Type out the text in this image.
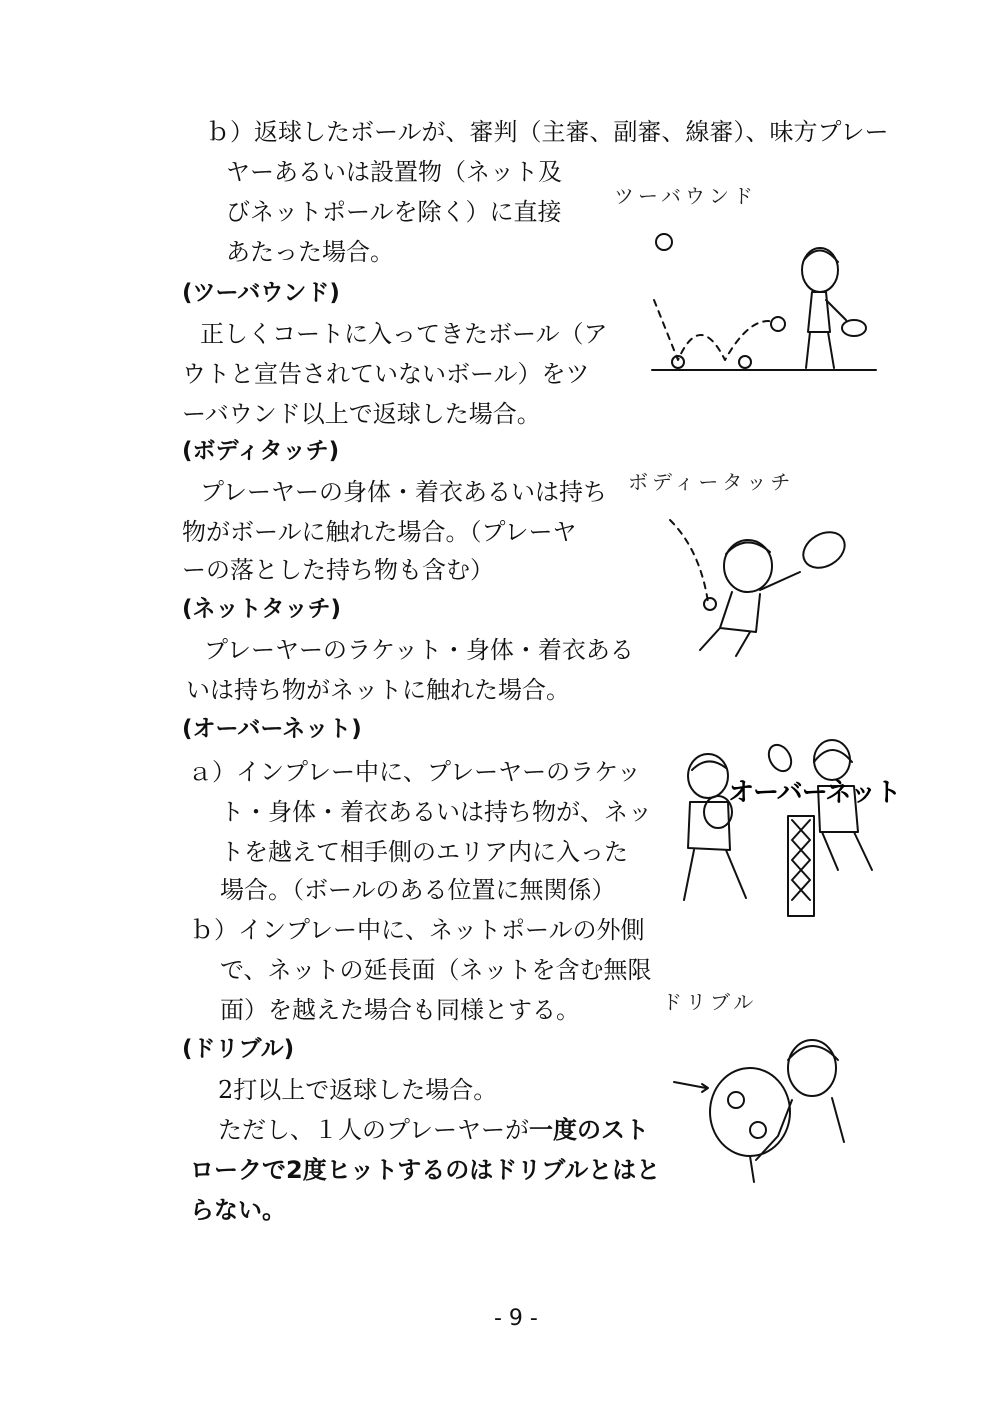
ｂ）返球したボールが、審判（主審、副審、線審）、味方プレー
ヤーあるいは設置物（ネット及
びネットポールを除く）に直接
あたった場合。
(ツーバウンド)
正しくコートに入ってきたボール（ア
ウトと宣告されていないボール）をツ
ーバウンド以上で返球した場合。
(ボディタッチ)
プレーヤーの身体・着衣あるいは持ち
物がボールに触れた場合。（プレーヤ
ーの落とした持ち物も含む）
(ネットタッチ)
プレーヤーのラケット・身体・着衣ある
いは持ち物がネットに触れた場合。
(オーバーネット)
ａ） インプレー中に、プレーヤーのラケッ
ト・身体・着衣あるいは持ち物が、ネッ
トを越えて相手側のエリア内に入った
場合。（ボールのある位置に無関係）
ｂ） インプレー中に、ネットポールの外側
で、ネットの延長面（ネットを含む無限
面）を越えた場合も同様とする。
(ドリブル)
2打以上で返球した場合。
ただし、１人のプレーヤーが一度のスト
ロークで2度ヒットするのはドリブルとはと
らない。
ツーバウンド
ボディータッチ
オーバーネット
ドリブル
- 9 -
